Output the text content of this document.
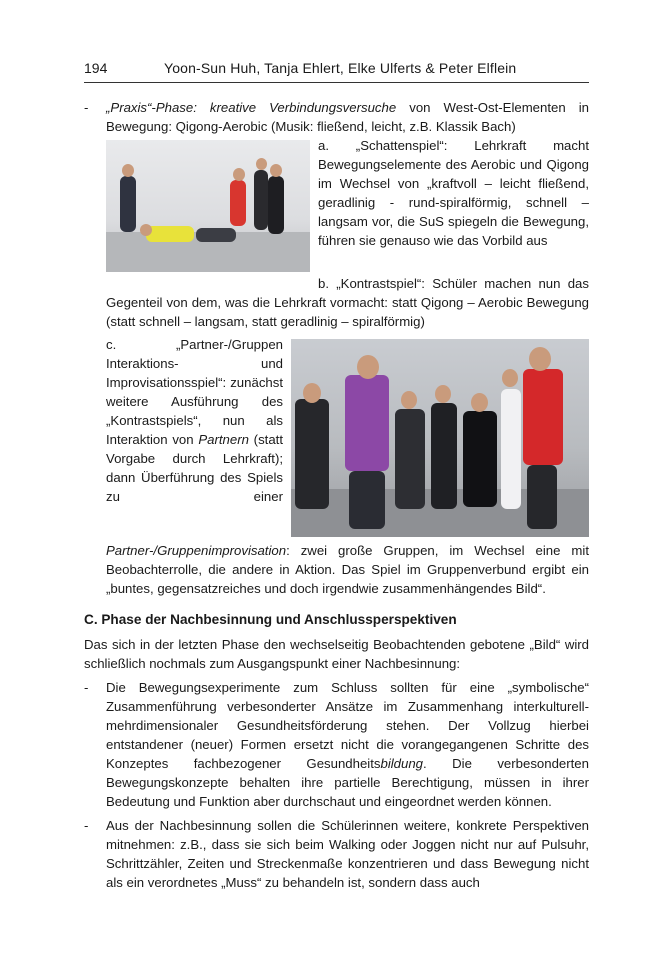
194	Yoon-Sun Huh, Tanja Ehlert, Elke Ulferts & Peter Elflein
- „Praxis“-Phase: kreative Verbindungsversuche von West-Ost-Elementen in Bewegung: Qigong-Aerobic (Musik: fließend, leicht, z.B. Klassik Bach)

a. „Schattenspiel“: Lehrkraft macht Bewegungselemente des Aerobic und Qigong im Wechsel von „kraftvoll – leicht fließend, geradlinig - rund-spiralförmig, schnell – langsam vor, die SuS spiegeln die Bewegung, führen sie genauso wie das Vorbild aus

b. „Kontrastspiel“: Schüler machen nun das Gegenteil von dem, was die Lehrkraft vormacht: statt Qigong – Aerobic Bewegung (statt schnell – langsam, statt geradlinig – spiralförmig)

c. „Partner-/Gruppen Interaktions- und Improvisationsspiel“: zunächst weitere Ausführung des „Kontrastspiels“, nun als Interaktion von Partnern (statt Vorgabe durch Lehrkraft); dann Überführung des Spiels zu einer Partner-/Gruppenimprovisation: zwei große Gruppen, im Wechsel eine mit Beobachterrolle, die andere in Aktion. Das Spiel im Gruppenverbund ergibt ein „buntes, gegensatzreiches und doch irgendwie zusammenhängendes Bild“.

C. Phase der Nachbesinnung und Anschlussperspektiven

Das sich in der letzten Phase den wechselseitig Beobachtenden gebotene „Bild“ wird schließlich nochmals zum Ausgangspunkt einer Nachbesinnung:

- Die Bewegungsexperimente zum Schluss sollten für eine „symbolische“ Zusammenführung verbesonderter Ansätze im Zusammenhang interkulturell-mehrdimensionaler Gesundheitsförderung stehen. Der Vollzug hierbei entstandener (neuer) Formen ersetzt nicht die vorangegangenen Schritte des Konzeptes fachbezogener Gesundheitsbildung. Die verbesonderten Bewegungskonzepte behalten ihre partielle Berechtigung, müssen in ihrer Bedeutung und Funktion aber durchschaut und eingeordnet werden können.
- Aus der Nachbesinnung sollen die Schülerinnen weitere, konkrete Perspektiven mitnehmen: z.B., dass sie sich beim Walking oder Joggen nicht nur auf Pulsuhr, Schrittzähler, Zeiten und Streckenmaße konzentrieren und dass Bewegung nicht als ein verordnetes „Muss“ zu behandeln ist, sondern dass auch
